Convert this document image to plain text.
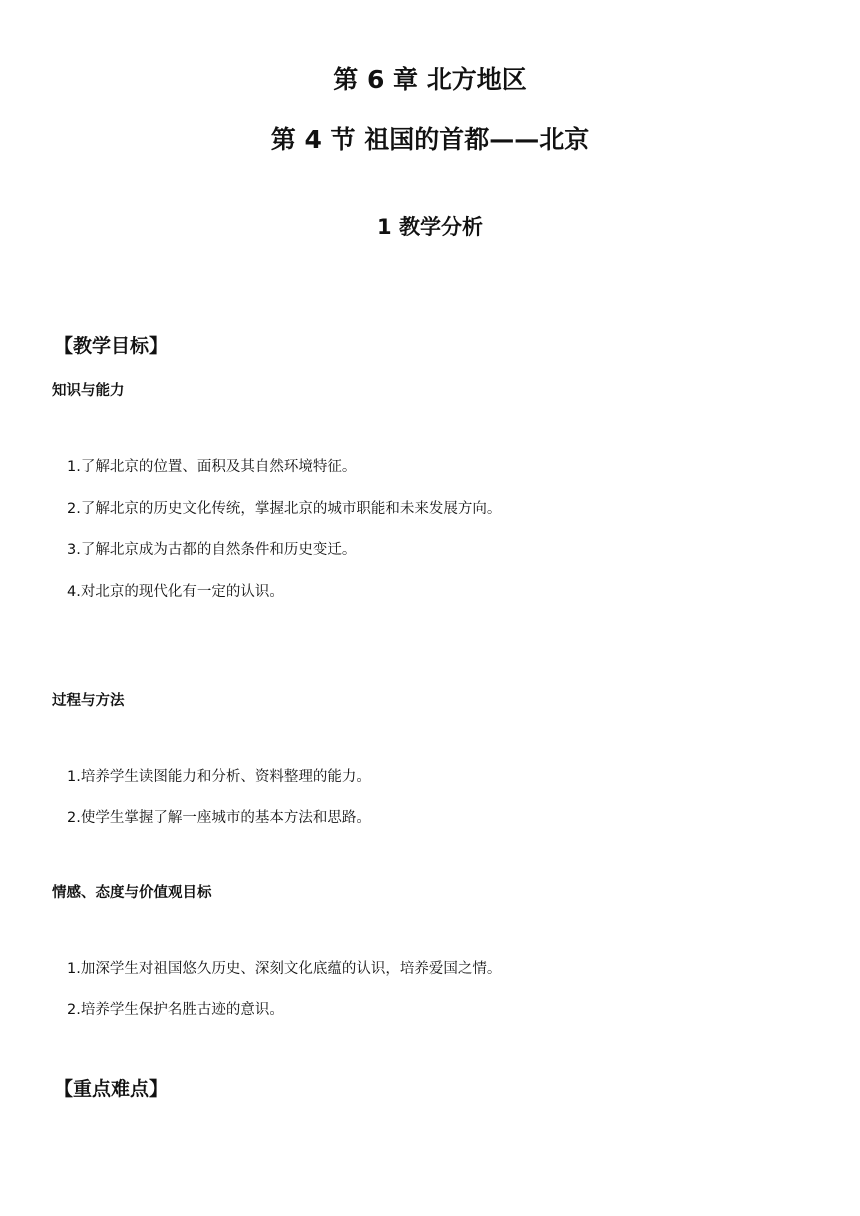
第 6 章 北方地区
第 4 节 祖国的首都——北京
1 教学分析
【教学目标】
知识与能力
1.了解北京的位置、面积及其自然环境特征。
2.了解北京的历史文化传统，掌握北京的城市职能和未来发展方向。
3.了解北京成为古都的自然条件和历史变迁。
4.对北京的现代化有一定的认识。
过程与方法
1.培养学生读图能力和分析、资料整理的能力。
2.使学生掌握了解一座城市的基本方法和思路。
情感、态度与价值观目标
1.加深学生对祖国悠久历史、深刻文化底蕴的认识，培养爱国之情。
2.培养学生保护名胜古迹的意识。
【重点难点】
